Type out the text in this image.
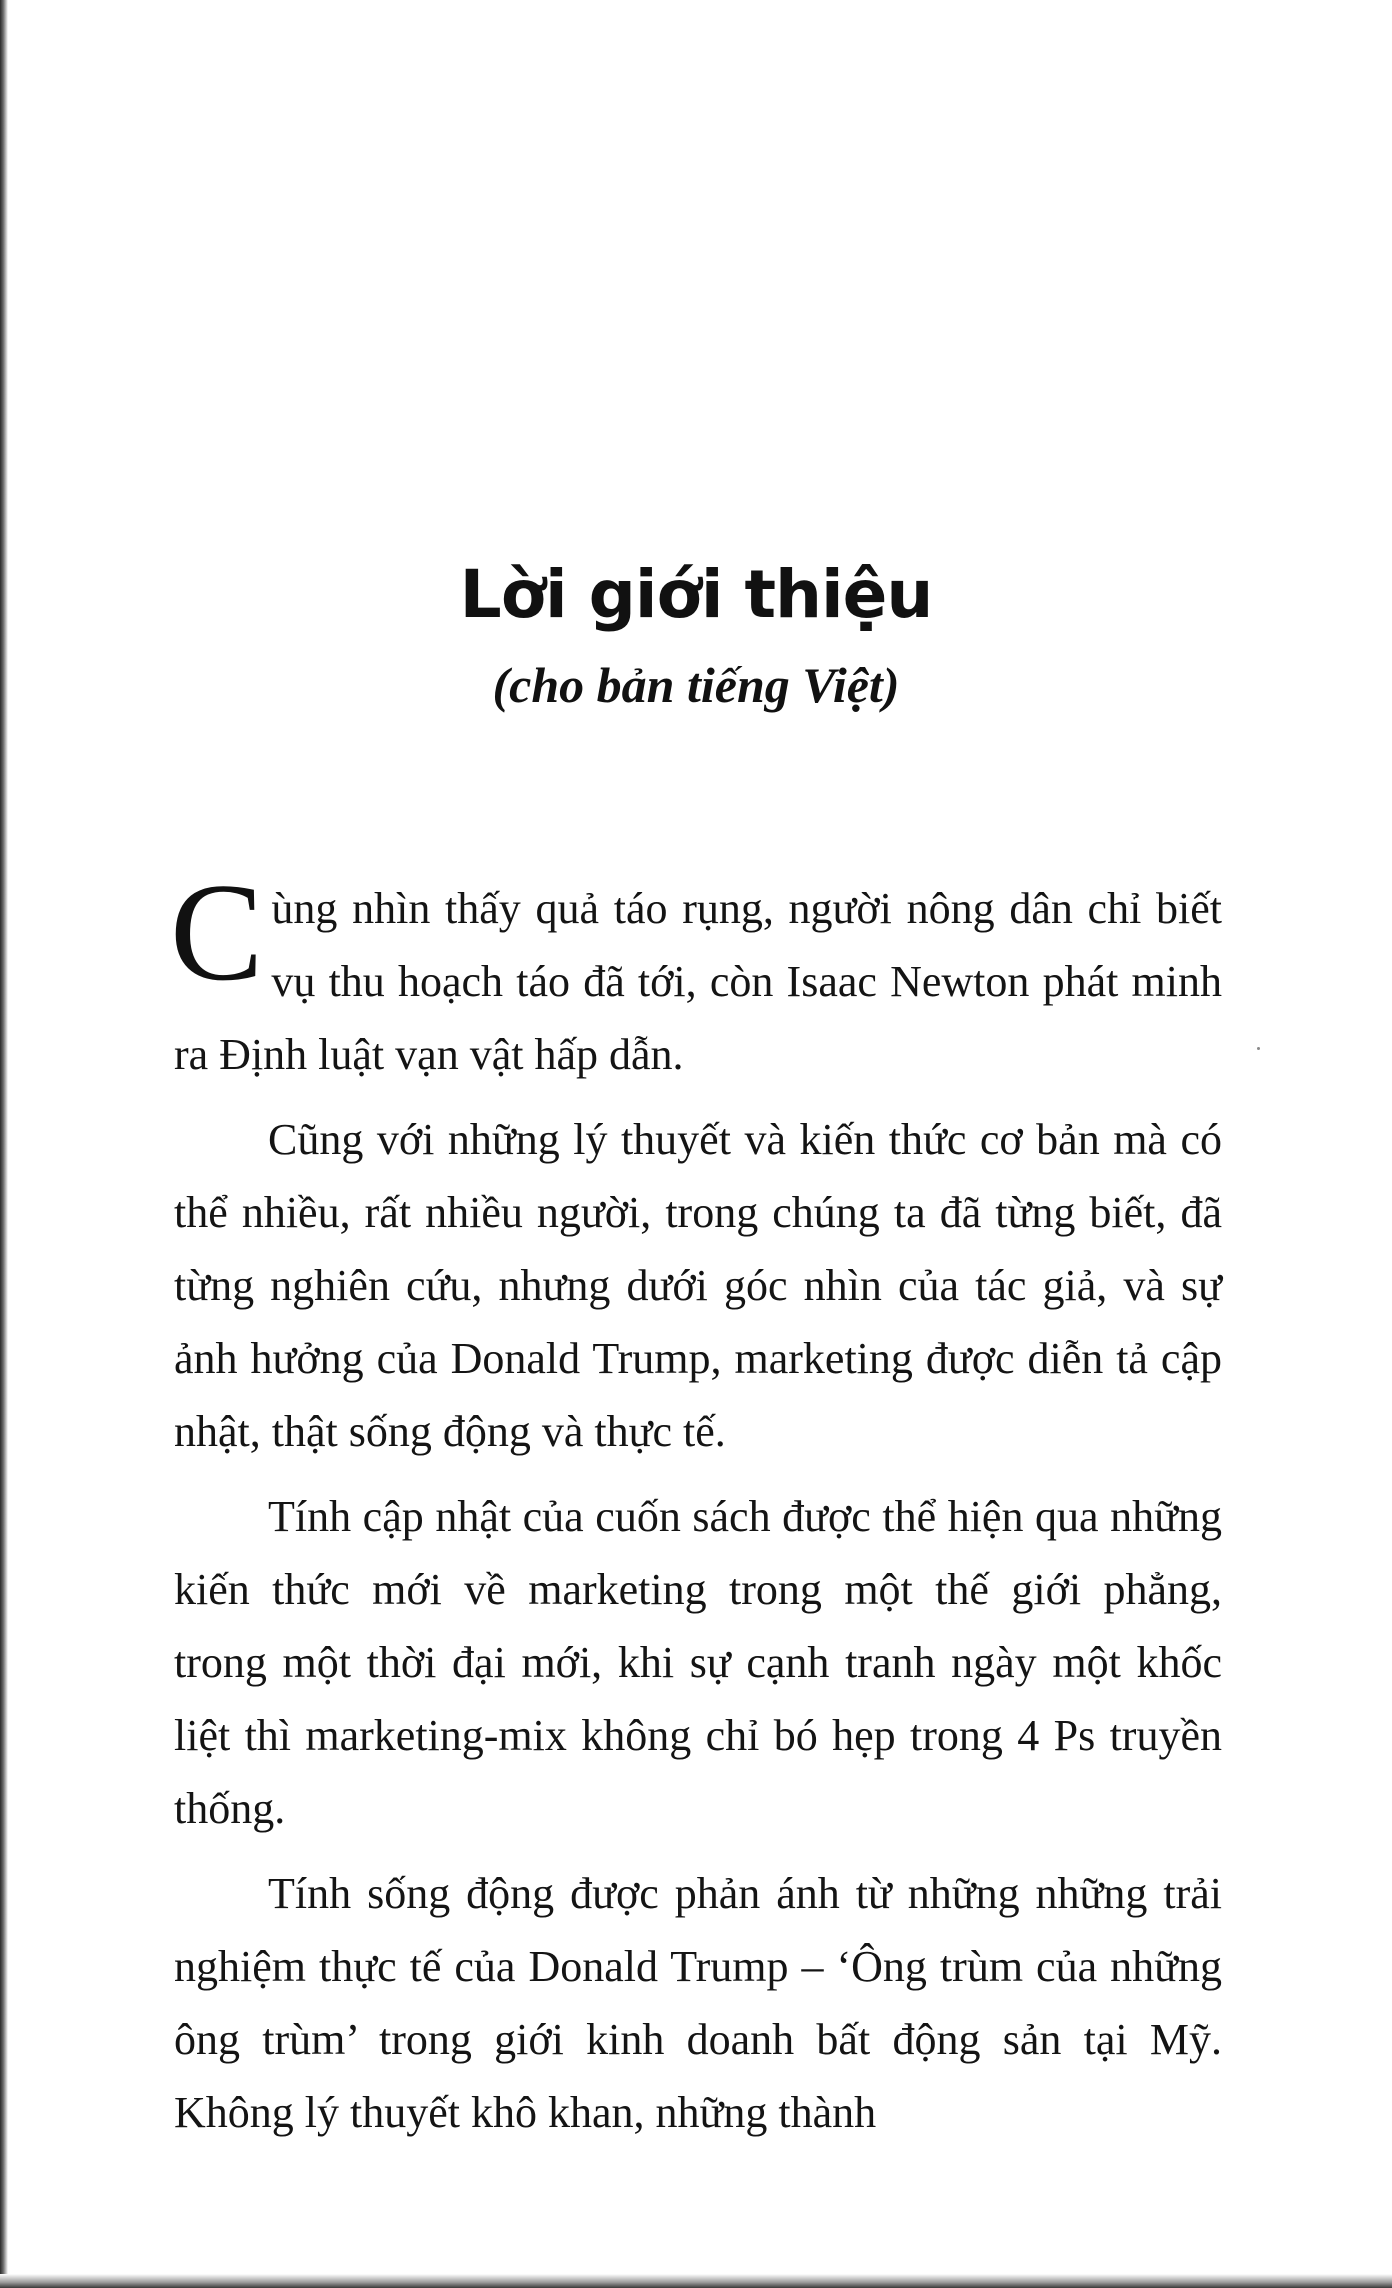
Lời giới thiệu
(cho bản tiếng Việt)

Cùng nhìn thấy quả táo rụng, người nông dân chỉ biết vụ thu hoạch táo đã tới, còn Isaac Newton phát minh ra Định luật vạn vật hấp dẫn.

Cũng với những lý thuyết và kiến thức cơ bản mà có thể nhiều, rất nhiều người, trong chúng ta đã từng biết, đã từng nghiên cứu, nhưng dưới góc nhìn của tác giả, và sự ảnh hưởng của Donald Trump, marketing được diễn tả cập nhật, thật sống động và thực tế.

Tính cập nhật của cuốn sách được thể hiện qua những kiến thức mới về marketing trong một thế giới phẳng, trong một thời đại mới, khi sự cạnh tranh ngày một khốc liệt thì marketing-mix không chỉ bó hẹp trong 4 Ps truyền thống.

Tính sống động được phản ánh từ những những trải nghiệm thực tế của Donald Trump – ‘Ông trùm của những ông trùm’ trong giới kinh doanh bất động sản tại Mỹ. Không lý thuyết khô khan, những thành
